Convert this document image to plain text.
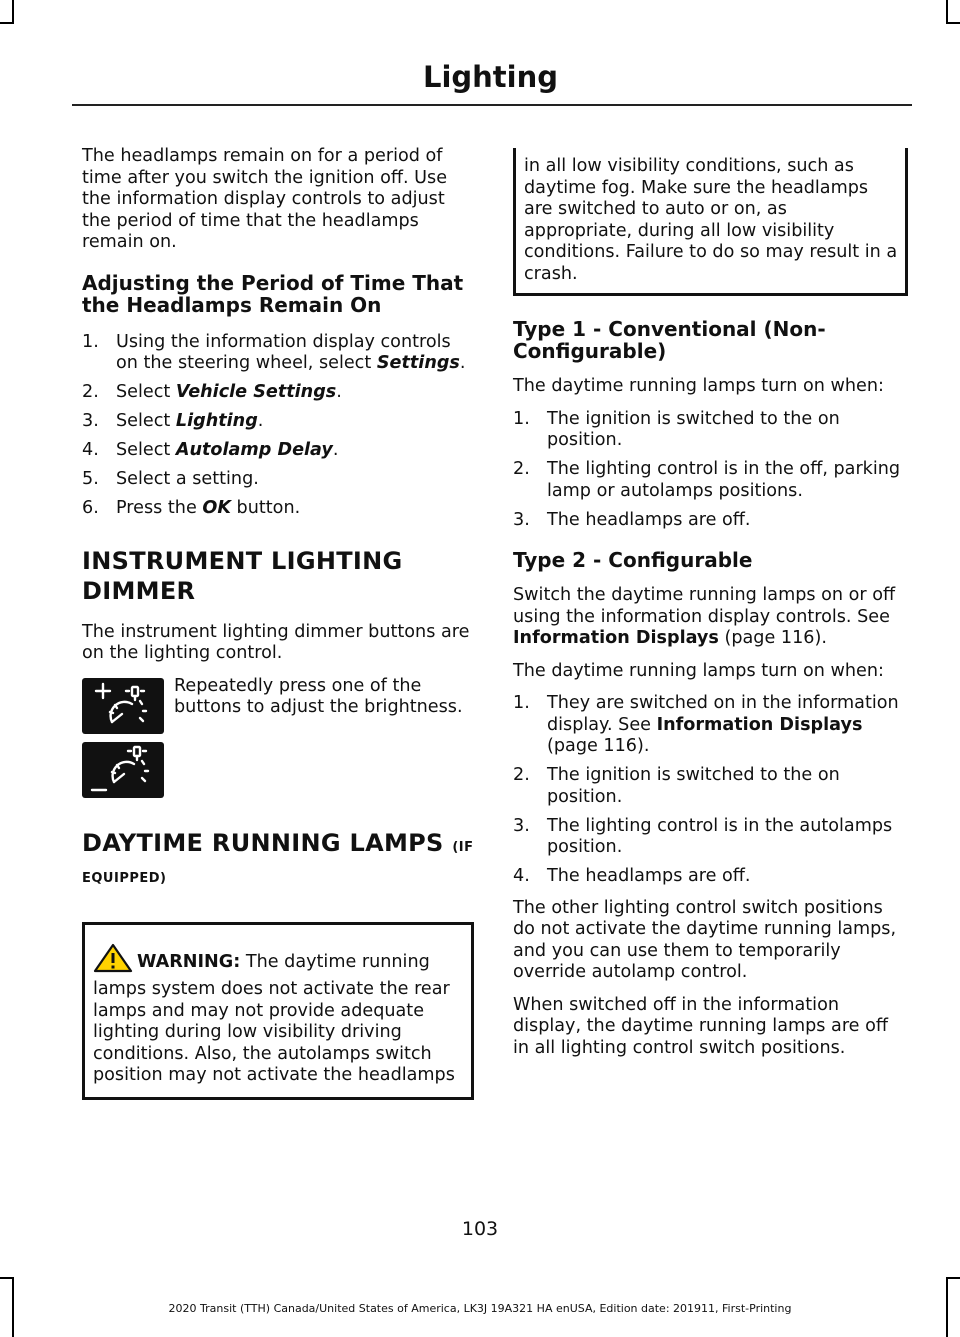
Lighting

The headlamps remain on for a period of time after you switch the ignition off. Use the information display controls to adjust the period of time that the headlamps remain on.

Adjusting the Period of Time That the Headlamps Remain On
1. Using the information display controls on the steering wheel, select Settings.
2. Select Vehicle Settings.
3. Select Lighting.
4. Select Autolamp Delay.
5. Select a setting.
6. Press the OK button.
INSTRUMENT LIGHTING
DIMMER

The instrument lighting dimmer buttons are on the lighting control.

Repeatedly press one of the buttons to adjust the brightness.

DAYTIME RUNNING LAMPS (IF
EQUIPPED)

WARNING: The daytime running lamps system does not activate the rear lamps and may not provide adequate lighting during low visibility driving conditions. Also, the autolamps switch position may not activate the headlamps

in all low visibility conditions, such as daytime fog. Make sure the headlamps are switched to auto or on, as appropriate, during all low visibility conditions. Failure to do so may result in a crash.

Type 1 - Conventional (Non-Configurable)

The daytime running lamps turn on when:

1. The ignition is switched to the on position.
2. The lighting control is in the off, parking lamp or autolamps positions.
3. The headlamps are off.
Type 2 - Configurable

Switch the daytime running lamps on or off using the information display controls. See Information Displays (page 116).

The daytime running lamps turn on when:

1. They are switched on in the information display. See Information Displays (page 116).
2. The ignition is switched to the on position.
3. The lighting control is in the autolamps position.
4. The headlamps are off.

The other lighting control switch positions do not activate the daytime running lamps, and you can use them to temporarily override autolamp control.

When switched off in the information display, the daytime running lamps are off in all lighting control switch positions.

103
2020 Transit (TTH) Canada/United States of America, LK3J 19A321 HA enUSA, Edition date: 201911, First-Printing
